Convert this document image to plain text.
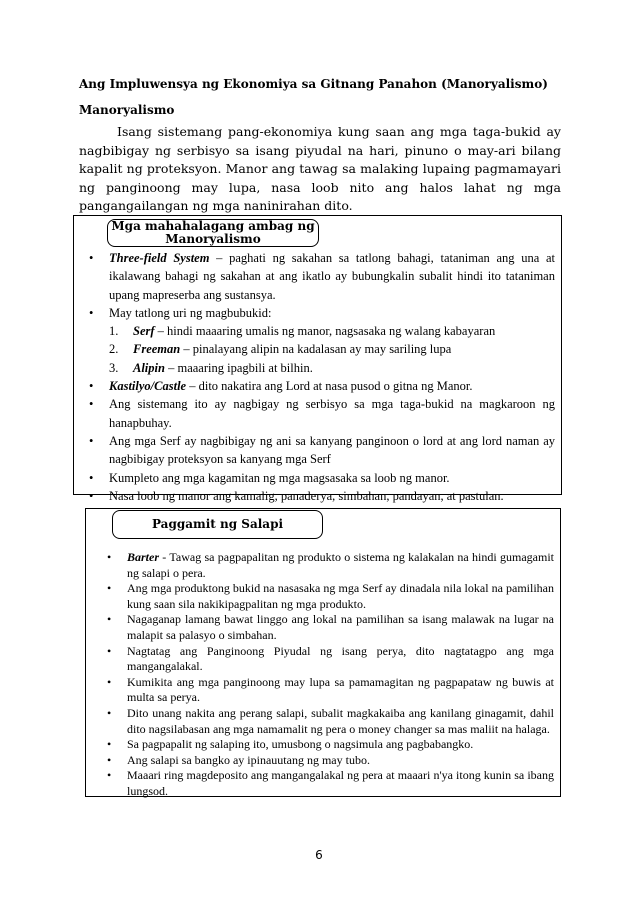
Ang Impluwensya ng Ekonomiya sa Gitnang Panahon (Manoryalismo)
Manoryalismo

Isang sistemang pang-ekonomiya kung saan ang mga taga-bukid ay nagbibigay ng serbisyo sa isang piyudal na hari, pinuno o may-ari bilang kapalit ng proteksyon. Manor ang tawag sa malaking lupaing pagmamayari ng panginoong may lupa, nasa loob nito ang halos lahat ng mga pangangailangan ng mga naninirahan dito.

Mga mahahalagang ambag ng Manoryalismo
• Three-field System – paghati ng sakahan sa tatlong bahagi, tataniman ang una at ikalawang bahagi ng sakahan at ang ikatlo ay bubungkalin subalit hindi ito tataniman upang mapreserba ang sustansya.
• May tatlong uri ng magbubukid:
1. Serf – hindi maaaring umalis ng manor, nagsasaka ng walang kabayaran
2. Freeman – pinalayang alipin na kadalasan ay may sariling lupa
3. Alipin – maaaring ipagbili at bilhin.
• Kastilyo/Castle – dito nakatira ang Lord at nasa pusod o gitna ng Manor.
• Ang sistemang ito ay nagbigay ng serbisyo sa mga taga-bukid na magkaroon ng hanapbuhay.
• Ang mga Serf ay nagbibigay ng ani sa kanyang panginoon o lord at ang lord naman ay nagbibigay proteksyon sa kanyang mga Serf
• Kumpleto ang mga kagamitan ng mga magsasaka sa loob ng manor.
• Nasa loob ng manor ang kamalig, panaderya, simbahan, pandayan, at pastulan.
Paggamit ng Salapi
• Barter - Tawag sa pagpapalitan ng produkto o sistema ng kalakalan na hindi gumagamit ng salapi o pera.
• Ang mga produktong bukid na nasasaka ng mga Serf ay dinadala nila lokal na pamilihan kung saan sila nakikipagpalitan ng mga produkto.
• Nagaganap lamang bawat linggo ang lokal na pamilihan sa isang malawak na lugar na malapit sa palasyo o simbahan.
• Nagtatag ang Panginoong Piyudal ng isang perya, dito nagtatagpo ang mga mangangalakal.
• Kumikita ang mga panginoong may lupa sa pamamagitan ng pagpapataw ng buwis at multa sa perya.
• Dito unang nakita ang perang salapi, subalit magkakaiba ang kanilang ginagamit, dahil dito nagsilabasan ang mga namamalit ng pera o money changer sa mas maliit na halaga.
• Sa pagpapalit ng salaping ito, umusbong o nagsimula ang pagbabangko.
• Ang salapi sa bangko ay ipinauutang ng may tubo.
• Maaari ring magdeposito ang mangangalakal ng pera at maaari n'ya itong kunin sa ibang lungsod.
6
